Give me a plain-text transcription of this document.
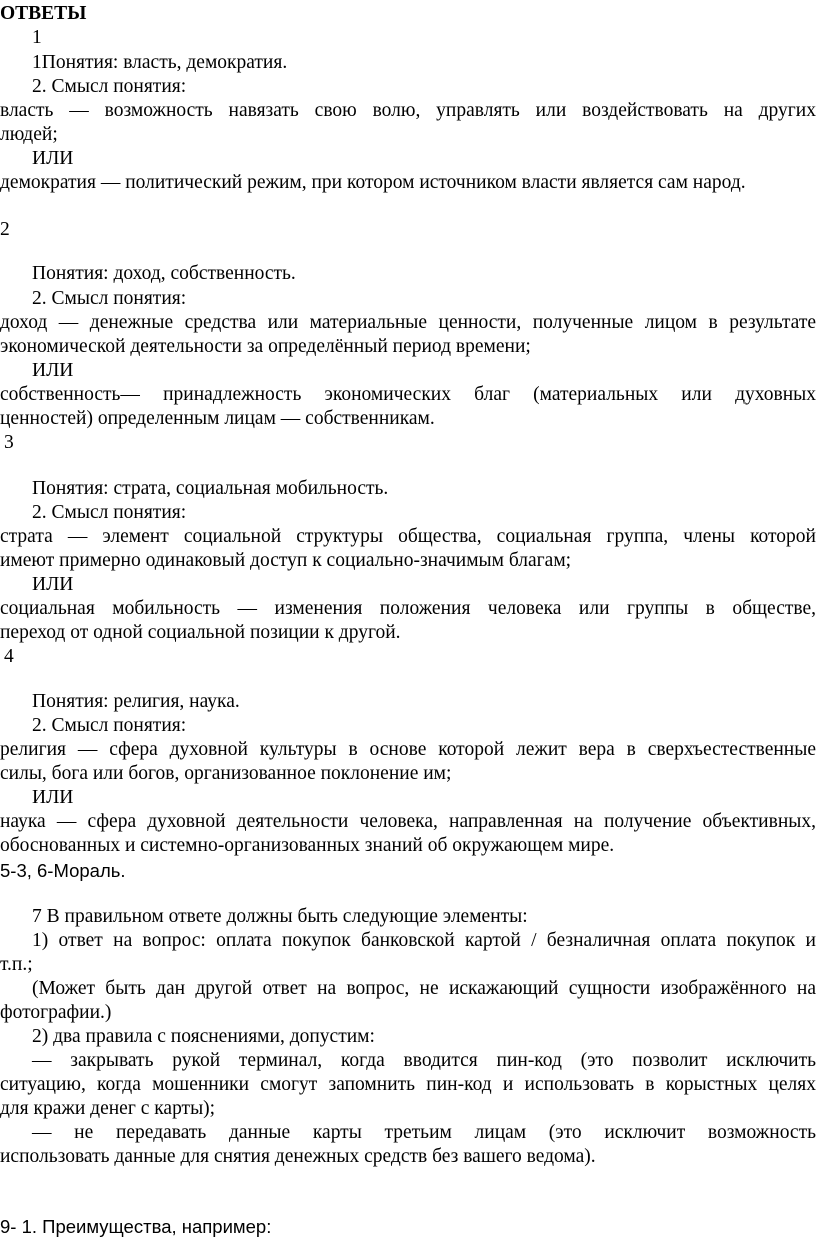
ОТВЕТЫ
1
1Понятия: власть, демократия.
2. Смысл понятия:
власть — возможность навязать свою волю, управлять или воздействовать на других
людей;
ИЛИ
демократия — политический режим, при котором источником власти является сам народ.
2
Понятия: доход, собственность.
2. Смысл понятия:
доход — денежные средства или материальные ценности, полученные лицом в результате
экономической деятельности за определённый период времени;
ИЛИ
собственность— принадлежность экономических благ (материальных или духовных
ценностей) определенным лицам — собственникам.
3
Понятия: страта, социальная мобильность.
2. Смысл понятия:
страта — элемент социальной структуры общества, социальная группа, члены которой
имеют примерно одинаковый доступ к социально-значимым благам;
ИЛИ
социальная мобильность — изменения положения человека или группы в обществе,
переход от одной социальной позиции к другой.
4
Понятия: религия, наука.
2. Смысл понятия:
религия — сфера духовной культуры в основе которой лежит вера в сверхъестественные
силы, бога или богов, организованное поклонение им;
ИЛИ
наука — сфера духовной деятельности человека, направленная на получение объективных,
обоснованных и системно-организованных знаний об окружающем мире.
5-3, 6-Мораль.
7 В правильном ответе должны быть следующие элементы:
1) ответ на вопрос: оплата покупок банковской картой / безналичная оплата покупок и
т.п.;
(Может быть дан другой ответ на вопрос, не искажающий сущности изображённого на
фотографии.)
2) два правила с пояснениями, допустим:
— закрывать рукой терминал, когда вводится пин-код (это позволит исключить
ситуацию, когда мошенники смогут запомнить пин-код и использовать в корыстных целях
для кражи денег с карты);
— не передавать данные карты третьим лицам (это исключит возможность
использовать данные для снятия денежных средств без вашего ведома).
9- 1. Преимущества, например:
